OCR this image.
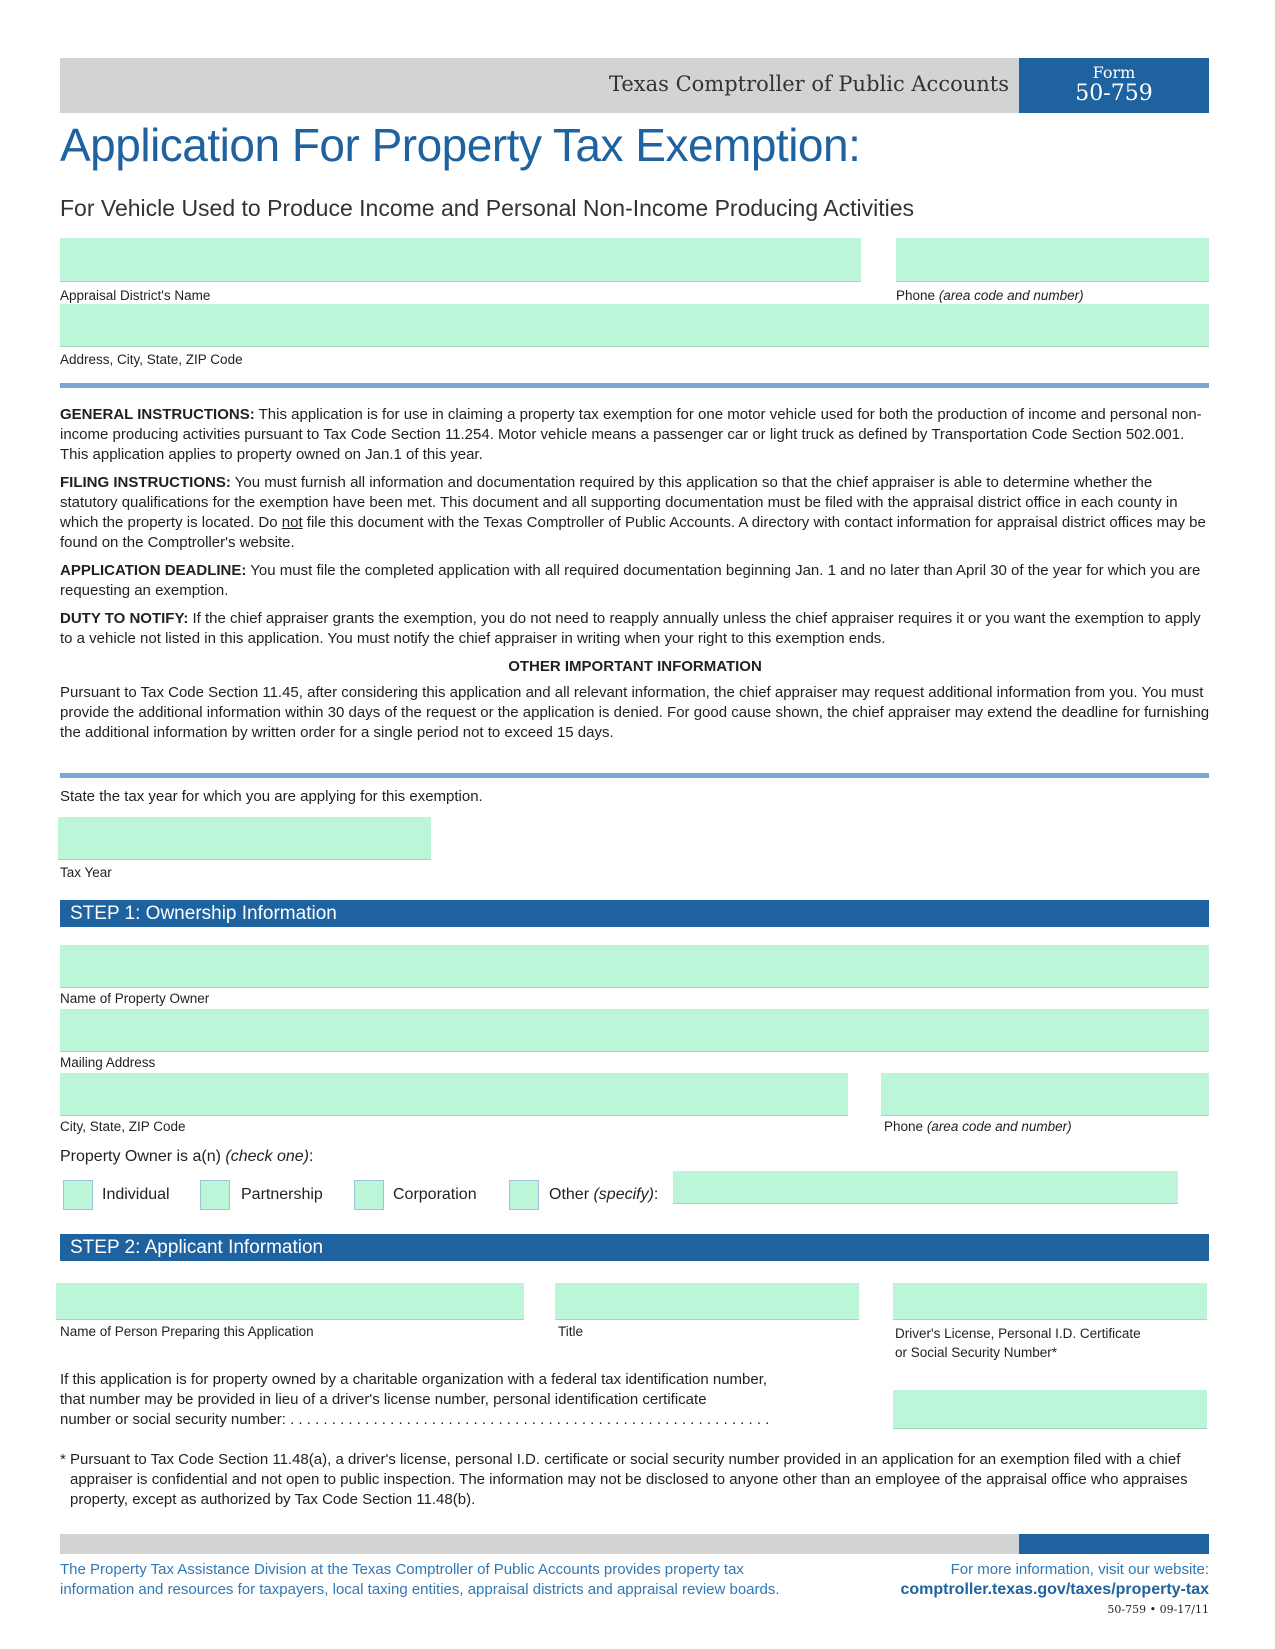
Texas Comptroller of Public Accounts	Form
50-759
Application For Property Tax Exemption:
For Vehicle Used to Produce Income and Personal Non-Income Producing Activities
Appraisal District's Name	Phone (area code and number)
Address, City, State, ZIP Code

GENERAL INSTRUCTIONS: This application is for use in claiming a property tax exemption for one motor vehicle used for both the production of income and personal non-income producing activities pursuant to Tax Code Section 11.254. Motor vehicle means a passenger car or light truck as defined by Transportation Code Section 502.001. This application applies to property owned on Jan.1 of this year.

FILING INSTRUCTIONS: You must furnish all information and documentation required by this application so that the chief appraiser is able to determine whether the statutory qualifications for the exemption have been met. This document and all supporting documentation must be filed with the appraisal district office in each county in which the property is located. Do not file this document with the Texas Comptroller of Public Accounts. A directory with contact information for appraisal district offices may be found on the Comptroller's website.

APPLICATION DEADLINE: You must file the completed application with all required documentation beginning Jan. 1 and no later than April 30 of the year for which you are requesting an exemption.

DUTY TO NOTIFY: If the chief appraiser grants the exemption, you do not need to reapply annually unless the chief appraiser requires it or you want the exemption to apply to a vehicle not listed in this application. You must notify the chief appraiser in writing when your right to this exemption ends.

OTHER IMPORTANT INFORMATION

Pursuant to Tax Code Section 11.45, after considering this application and all relevant information, the chief appraiser may request additional information from you. You must provide the additional information within 30 days of the request or the application is denied. For good cause shown, the chief appraiser may extend the deadline for furnishing the additional information by written order for a single period not to exceed 15 days.

State the tax year for which you are applying for this exemption.
Tax Year
STEP 1: Ownership Information
Name of Property Owner
Mailing Address
City, State, ZIP Code	Phone (area code and number)
Property Owner is a(n) (check one):
Individual	Partnership	Corporation	Other (specify):
STEP 2: Applicant Information
Name of Person Preparing this Application	Title	Driver's License, Personal I.D. Certificate
or Social Security Number*
If this application is for property owned by a charitable organization with a federal tax identification number,
that number may be provided in lieu of a driver's license number, personal identification certificate
number or social security number: . . . . . . . . . . . . . . . . . . . . . . . . . . . . . . . . . . . . . . . . . . . . . . . . . . . . . . . . . .
* Pursuant to Tax Code Section 11.48(a), a driver's license, personal I.D. certificate or social security number provided in an application for an exemption filed with a chief appraiser is confidential and not open to public inspection. The information may not be disclosed to anyone other than an employee of the appraisal office who appraises property, except as authorized by Tax Code Section 11.48(b).
The Property Tax Assistance Division at the Texas Comptroller of Public Accounts provides property tax
information and resources for taxpayers, local taxing entities, appraisal districts and appraisal review boards.
For more information, visit our website:
comptroller.texas.gov/taxes/property-tax
50-759 • 09-17/11
